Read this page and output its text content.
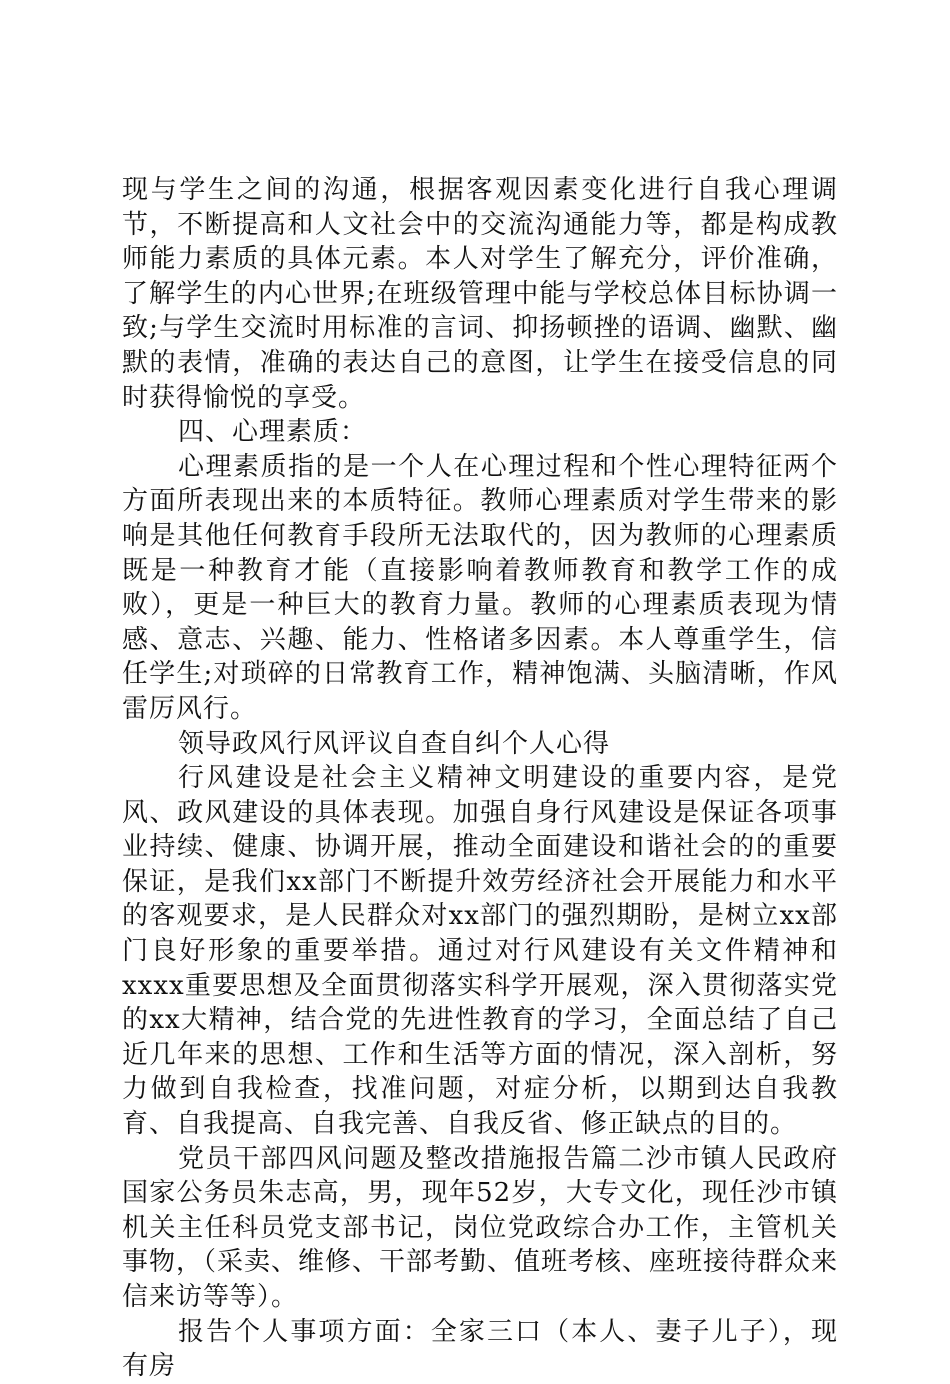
现与学生之间的沟通，根据客观因素变化进行自我心理调节，不断提高和人文社会中的交流沟通能力等，都是构成教师能力素质的具体元素。本人对学生了解充分，评价准确，了解学生的内心世界;在班级管理中能与学校总体目标协调一致;与学生交流时用标准的言词、抑扬顿挫的语调、幽默、幽默的表情，准确的表达自己的意图，让学生在接受信息的同时获得愉悦的享受。

四、心理素质：

心理素质指的是一个人在心理过程和个性心理特征两个方面所表现出来的本质特征。教师心理素质对学生带来的影响是其他任何教育手段所无法取代的，因为教师的心理素质既是一种教育才能（直接影响着教师教育和教学工作的成败），更是一种巨大的教育力量。教师的心理素质表现为情感、意志、兴趣、能力、性格诸多因素。本人尊重学生，信任学生;对琐碎的日常教育工作，精神饱满、头脑清晰，作风雷厉风行。

领导政风行风评议自查自纠个人心得

行风建设是社会主义精神文明建设的重要内容，是党风、政风建设的具体表现。加强自身行风建设是保证各项事业持续、健康、协调开展，推动全面建设和谐社会的的重要保证，是我们xx部门不断提升效劳经济社会开展能力和水平的客观要求，是人民群众对xx部门的强烈期盼，是树立xx部门良好形象的重要举措。通过对行风建设有关文件精神和xxxx重要思想及全面贯彻落实科学开展观，深入贯彻落实党的xx大精神，结合党的先进性教育的学习，全面总结了自己近几年来的思想、工作和生活等方面的情况，深入剖析，努力做到自我检查，找准问题，对症分析，以期到达自我教育、自我提高、自我完善、自我反省、修正缺点的目的。

党员干部四风问题及整改措施报告篇二沙市镇人民政府国家公务员朱志高，男，现年52岁，大专文化，现任沙市镇机关主任科员党支部书记，岗位党政综合办工作，主管机关事物，（采卖、维修、干部考勤、值班考核、座班接待群众来信来访等等）。

报告个人事项方面：全家三口（本人、妻子儿子），现有房
